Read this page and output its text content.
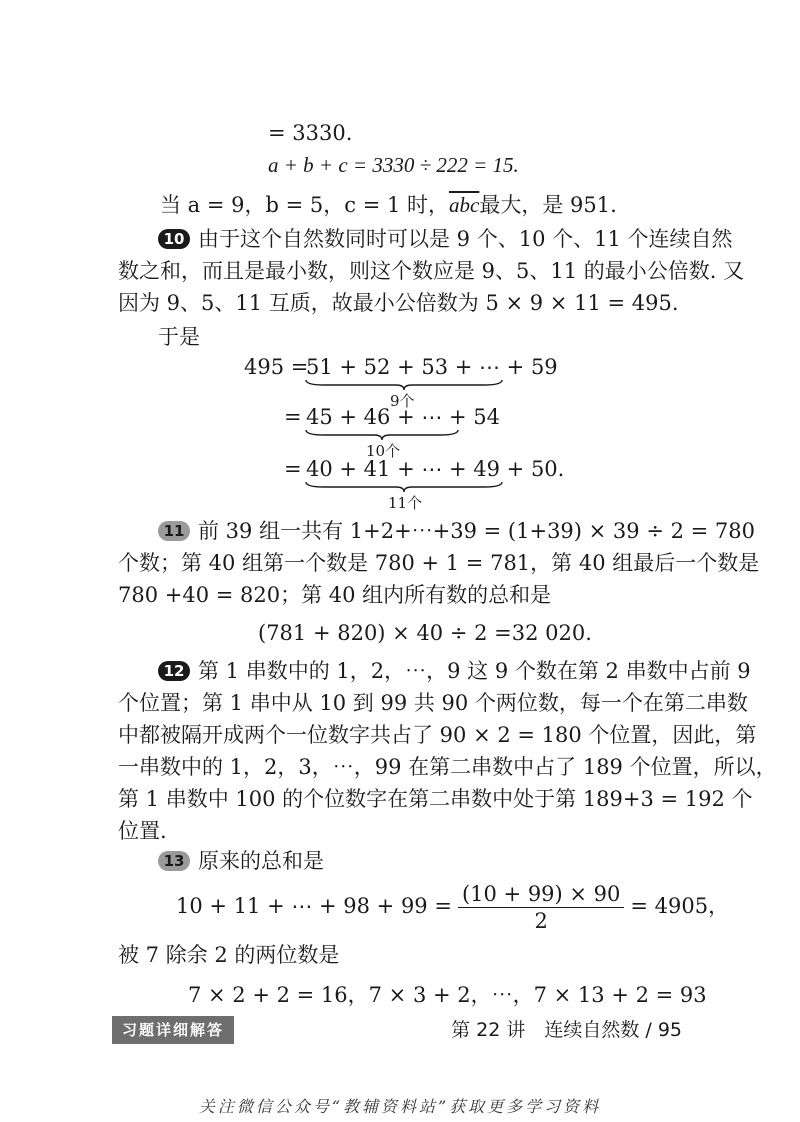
= 3330.
a + b + c = 3330 ÷ 222 = 15.
当 a = 9，b = 5，c = 1 时，$\overline{abc}$最大，是 951.
10 由于这个自然数同时可以是 9 个、10 个、11 个连续自然
数之和，而且是最小数，则这个数应是 9、5、11 的最小公倍数. 又
因为 9、5、11 互质，故最小公倍数为 5 × 9 × 11 = 495.
于是
495 =
51 + 52 + 53 + ⋯ + 59
9个
= 45 + 46 + ⋯ + 54
10个
= 40 + 41 + ⋯ + 49 + 50.
11个
11 前 39 组一共有 1+2+⋯+39 = (1+39) × 39 ÷ 2 = 780
个数；第 40 组第一个数是 780 + 1 = 781，第 40 组最后一个数是
780 +40 = 820；第 40 组内所有数的总和是
(781 + 820) × 40 ÷ 2 =32 020.
12 第 1 串数中的 1，2，⋯，9 这 9 个数在第 2 串数中占前 9
个位置；第 1 串中从 10 到 99 共 90 个两位数，每一个在第二串数
中都被隔开成两个一位数字共占了 90 × 2 = 180 个位置，因此，第
一串数中的 1，2，3，⋯，99 在第二串数中占了 189 个位置，所以，
第 1 串数中 100 的个位数字在第二串数中处于第 189+3 = 192 个
位置.
13 原来的总和是
10 + 11 + ⋯ + $98 + 99 = \frac{(10 + 99) \times 90}{2} = 4905$，
被 7 除余 2 的两位数是
7 × 2 + 2 = 16，7 × 3 + 2，⋯，7 × 13 + 2 = 93
习题详细解答	第 22 讲　连续自然数 / 95
关注微信公众号“教辅资料站”获取更多学习资料
